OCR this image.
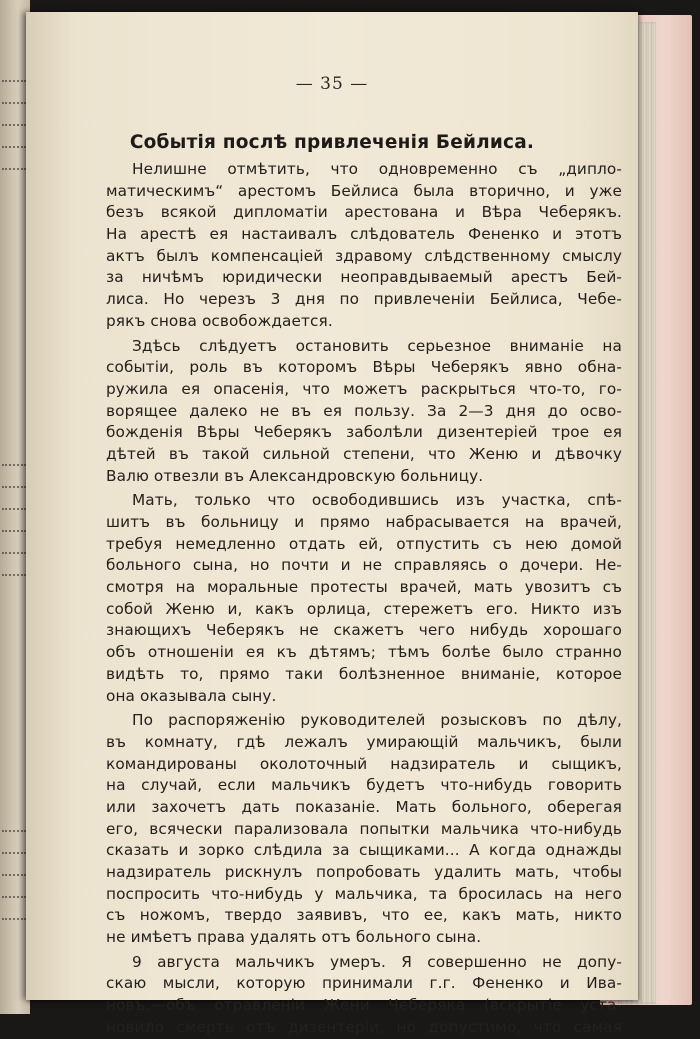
— 35 —
Событія послѣ привлеченія Бейлиса.
Нелишне отмѣтить, что одновременно съ „дипло-
матическимъ“ арестомъ Бейлиса была вторично, и уже
безъ всякой дипломатіи арестована и Вѣра Чеберякъ.
На арестѣ ея настаивалъ слѣдователь Фененко и этотъ
актъ былъ компенсаціей здравому слѣдственному смыслу
за ничѣмъ юридически неоправдываемый арестъ Бей-
лиса. Но черезъ 3 дня по привлеченіи Бейлиса, Чебе-
рякъ снова освобождается.
Здѣсь слѣдуетъ остановить серьезное вниманіе на
событіи, роль въ которомъ Вѣры Чеберякъ явно обна-
ружила ея опасенія, что можетъ раскрыться что-то, го-
ворящее далеко не въ ея пользу. За 2—3 дня до осво-
божденія Вѣры Чеберякъ заболѣли дизентеріей трое ея
дѣтей въ такой сильной степени, что Женю и дѣвочку
Валю отвезли въ Александровскую больницу.
Мать, только что освободившись изъ участка, спѣ-
шитъ въ больницу и прямо набрасывается на врачей,
требуя немедленно отдать ей, отпустить съ нею домой
больного сына, но почти и не справляясь о дочери. Не-
смотря на моральные протесты врачей, мать увозитъ съ
собой Женю и, какъ орлица, стережетъ его. Никто изъ
знающихъ Чеберякъ не скажетъ чего нибудь хорошаго
объ отношеніи ея къ дѣтямъ; тѣмъ болѣе было странно
видѣть то, прямо таки болѣзненное вниманіе, которое
она оказывала сыну.
По распоряженію руководителей розысковъ по дѣлу,
въ комнату, гдѣ лежалъ умирающій мальчикъ, были
командированы околоточный надзиратель и сыщикъ,
на случай, если мальчикъ будетъ что-нибудь говорить
или захочетъ дать показаніе. Мать больного, оберегая
его, всячески парализовала попытки мальчика что-нибудь
сказать и зорко слѣдила за сыщиками... А когда однажды
надзиратель рискнулъ попробовать удалить мать, чтобы
поспросить что-нибудь у мальчика, та бросилась на него
съ ножомъ, твердо заявивъ, что ее, какъ мать, никто
не имѣетъ права удалять отъ больного сына.
9 августа мальчикъ умеръ. Я совершенно не допу-
скаю мысли, которую принимали г.г. Фененко и Ива-
новъ,—объ отравленіи Жени Чеберяка (вскрытіе уста-
новило смерть отъ дизентеріи, но допустимо, что самая
